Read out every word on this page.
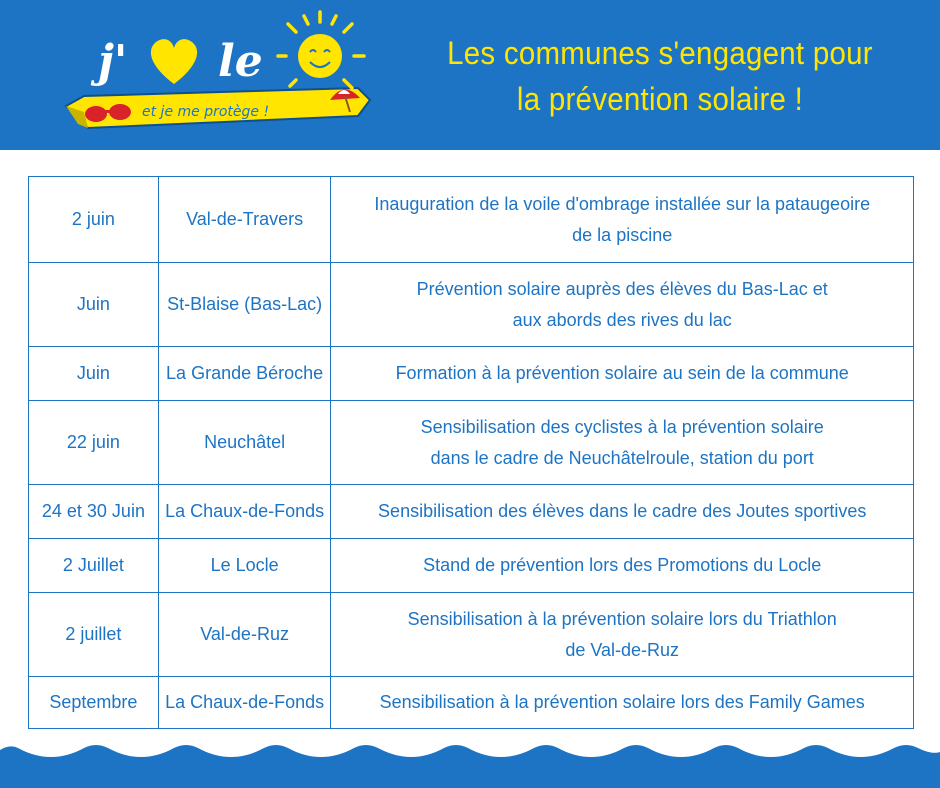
et je me protège !
j' le	Les communes s'engagent pour
la prévention solaire !
2 juin	Val-de-Travers	Inauguration de la voile d'ombrage installée sur la pataugeoire
de la piscine

Juin	St-Blaise (Bas-Lac)	Prévention solaire auprès des élèves du Bas-Lac et
aux abords des rives du lac

Juin	La Grande Béroche	Formation à la prévention solaire au sein de la commune

22 juin	Neuchâtel	Sensibilisation des cyclistes à la prévention solaire
dans le cadre de Neuchâtelroule, station du port

24 et 30 Juin	La Chaux-de-Fonds	Sensibilisation des élèves dans le cadre des Joutes sportives

2 Juillet	Le Locle	Stand de prévention lors des Promotions du Locle

2 juillet	Val-de-Ruz	Sensibilisation à la prévention solaire lors du Triathlon
de Val-de-Ruz

Septembre	La Chaux-de-Fonds	Sensibilisation à la prévention solaire lors des Family Games
